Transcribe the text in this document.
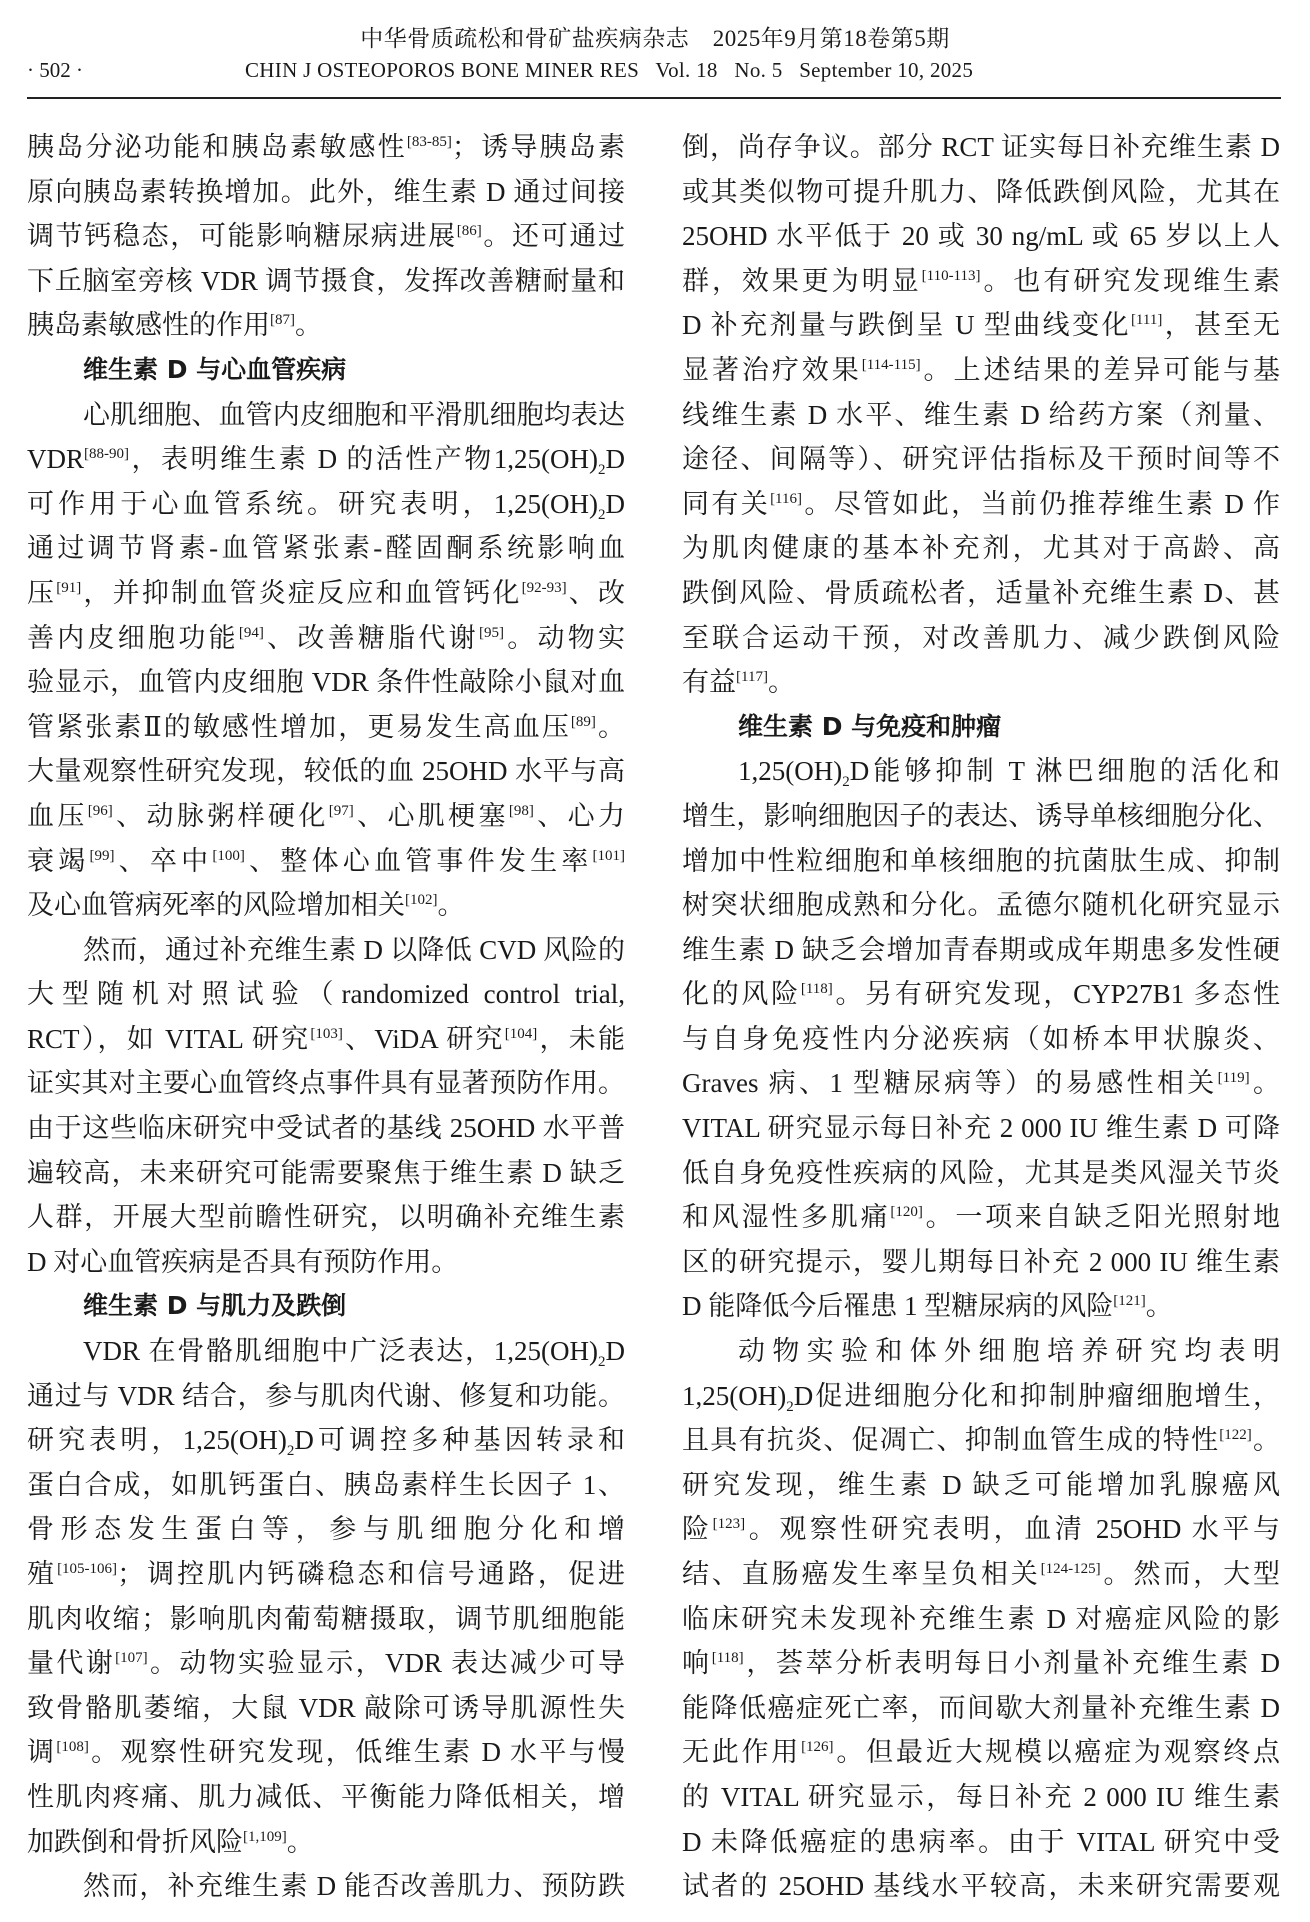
中华骨质疏松和骨矿盐疾病杂志　2025年9月第18卷第5期
· 502 ·	CHIN J OSTEOPOROS BONE MINER RES   Vol. 18   No. 5   September 10, 2025
胰岛分泌功能和胰岛素敏感性[83-85]；诱导胰岛素
原向胰岛素转换增加。此外，维生素 D 通过间接
调节钙稳态，可能影响糖尿病进展[86]。还可通过
下丘脑室旁核 VDR 调节摄食，发挥改善糖耐量和
胰岛素敏感性的作用[87]。
维生素 D 与心血管疾病
心肌细胞、血管内皮细胞和平滑肌细胞均表达
VDR[88-90]，表明维生素 D 的活性产物$1,25(OH)_2D$
可作用于心血管系统。研究表明，$1,25(OH)_2D$
通过调节肾素-血管紧张素-醛固酮系统影响血
压[91]，并抑制血管炎症反应和血管钙化[92-93]、改
善内皮细胞功能[94]、改善糖脂代谢[95]。动物实
验显示，血管内皮细胞 VDR 条件性敲除小鼠对血
管紧张素Ⅱ的敏感性增加，更易发生高血压[89]。
大量观察性研究发现，较低的血 25OHD 水平与高
血压[96]、动脉粥样硬化[97]、心肌梗塞[98]、心力
衰竭[99]、卒中[100]、整体心血管事件发生率[101]
及心血管病死率的风险增加相关[102]。
然而，通过补充维生素 D 以降低 CVD 风险的
大型随机对照试验（randomized control trial,
RCT），如 VITAL 研究[103]、ViDA 研究[104]，未能
证实其对主要心血管终点事件具有显著预防作用。
由于这些临床研究中受试者的基线 25OHD 水平普
遍较高，未来研究可能需要聚焦于维生素 D 缺乏
人群，开展大型前瞻性研究，以明确补充维生素
D 对心血管疾病是否具有预防作用。
维生素 D 与肌力及跌倒
VDR 在骨骼肌细胞中广泛表达，$1,25(OH)_2D$
通过与 VDR 结合，参与肌肉代谢、修复和功能。
研究表明，$1,25(OH)_2D$可调控多种基因转录和
蛋白合成，如肌钙蛋白、胰岛素样生长因子 1、
骨形态发生蛋白等，参与肌细胞分化和增
殖[105-106]；调控肌内钙磷稳态和信号通路，促进
肌肉收缩；影响肌肉葡萄糖摄取，调节肌细胞能
量代谢[107]。动物实验显示，VDR 表达减少可导
致骨骼肌萎缩，大鼠 VDR 敲除可诱导肌源性失
调[108]。观察性研究发现，低维生素 D 水平与慢
性肌肉疼痛、肌力减低、平衡能力降低相关，增
加跌倒和骨折风险[1,109]。
然而，补充维生素 D 能否改善肌力、预防跌
倒，尚存争议。部分 RCT 证实每日补充维生素 D
或其类似物可提升肌力、降低跌倒风险，尤其在
25OHD 水平低于 20 或 30 ng/mL 或 65 岁以上人
群，效果更为明显[110-113]。也有研究发现维生素
D 补充剂量与跌倒呈 U 型曲线变化[111]，甚至无
显著治疗效果[114-115]。上述结果的差异可能与基
线维生素 D 水平、维生素 D 给药方案（剂量、
途径、间隔等）、研究评估指标及干预时间等不
同有关[116]。尽管如此，当前仍推荐维生素 D 作
为肌肉健康的基本补充剂，尤其对于高龄、高
跌倒风险、骨质疏松者，适量补充维生素 D、甚
至联合运动干预，对改善肌力、减少跌倒风险
有益[117]。
维生素 D 与免疫和肿瘤
$1,25(OH)_2D$能够抑制 T 淋巴细胞的活化和
增生，影响细胞因子的表达、诱导单核细胞分化、
增加中性粒细胞和单核细胞的抗菌肽生成、抑制
树突状细胞成熟和分化。孟德尔随机化研究显示
维生素 D 缺乏会增加青春期或成年期患多发性硬
化的风险[118]。另有研究发现，CYP27B1 多态性
与自身免疫性内分泌疾病（如桥本甲状腺炎、
Graves 病、1 型糖尿病等）的易感性相关[119]。
VITAL 研究显示每日补充 2 000 IU 维生素 D 可降
低自身免疫性疾病的风险，尤其是类风湿关节炎
和风湿性多肌痛[120]。一项来自缺乏阳光照射地
区的研究提示，婴儿期每日补充 2 000 IU 维生素
D 能降低今后罹患 1 型糖尿病的风险[121]。
动物实验和体外细胞培养研究均表明
$1,25(OH)_2D$促进细胞分化和抑制肿瘤细胞增生，
且具有抗炎、促凋亡、抑制血管生成的特性[122]。
研究发现，维生素 D 缺乏可能增加乳腺癌风
险[123]。观察性研究表明，血清 25OHD 水平与
结、直肠癌发生率呈负相关[124-125]。然而，大型
临床研究未发现补充维生素 D 对癌症风险的影
响[118]，荟萃分析表明每日小剂量补充维生素 D
能降低癌症死亡率，而间歇大剂量补充维生素 D
无此作用[126]。但最近大规模以癌症为观察终点
的 VITAL 研究显示，每日补充 2 000 IU 维生素
D 未降低癌症的患病率。由于 VITAL 研究中受
试者的 25OHD 基线水平较高，未来研究需要观
